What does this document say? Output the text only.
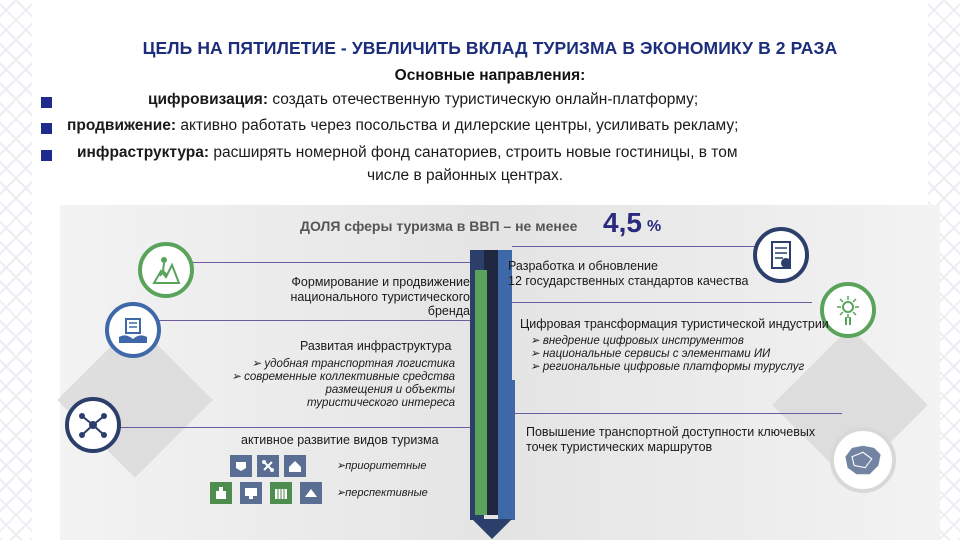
ЦЕЛЬ НА ПЯТИЛЕТИЕ - УВЕЛИЧИТЬ ВКЛАД ТУРИЗМА В ЭКОНОМИКУ В 2 РАЗА
Основные направления:
цифровизация: создать отечественную туристическую онлайн-платформу;
продвижение: активно работать через посольства и дилерские центры, усиливать рекламу;
инфраструктура: расширять номерной фонд санаториев, строить новые гостиницы, в том
числе в районных центрах.
ДОЛЯ сферы туризма в ВВП – не менее 4,5 %
Формирование и продвижение
национального туристического
бренда
Развитая инфраструктура
➢ удобная транспортная логистика
➢ современные коллективные средства
размещения и объекты
туристического интереса
активное развитие видов туризма
➢приоритетные
➢перспективные
Разработка и обновление
12 государственных стандартов качества
Цифровая трансформация туристической индустрии
➢ внедрение цифровых инструментов
➢ национальные сервисы с элементами ИИ
➢ региональные цифровые платформы туруслуг
Повышение транспортной доступности ключевых
точек туристических маршрутов
